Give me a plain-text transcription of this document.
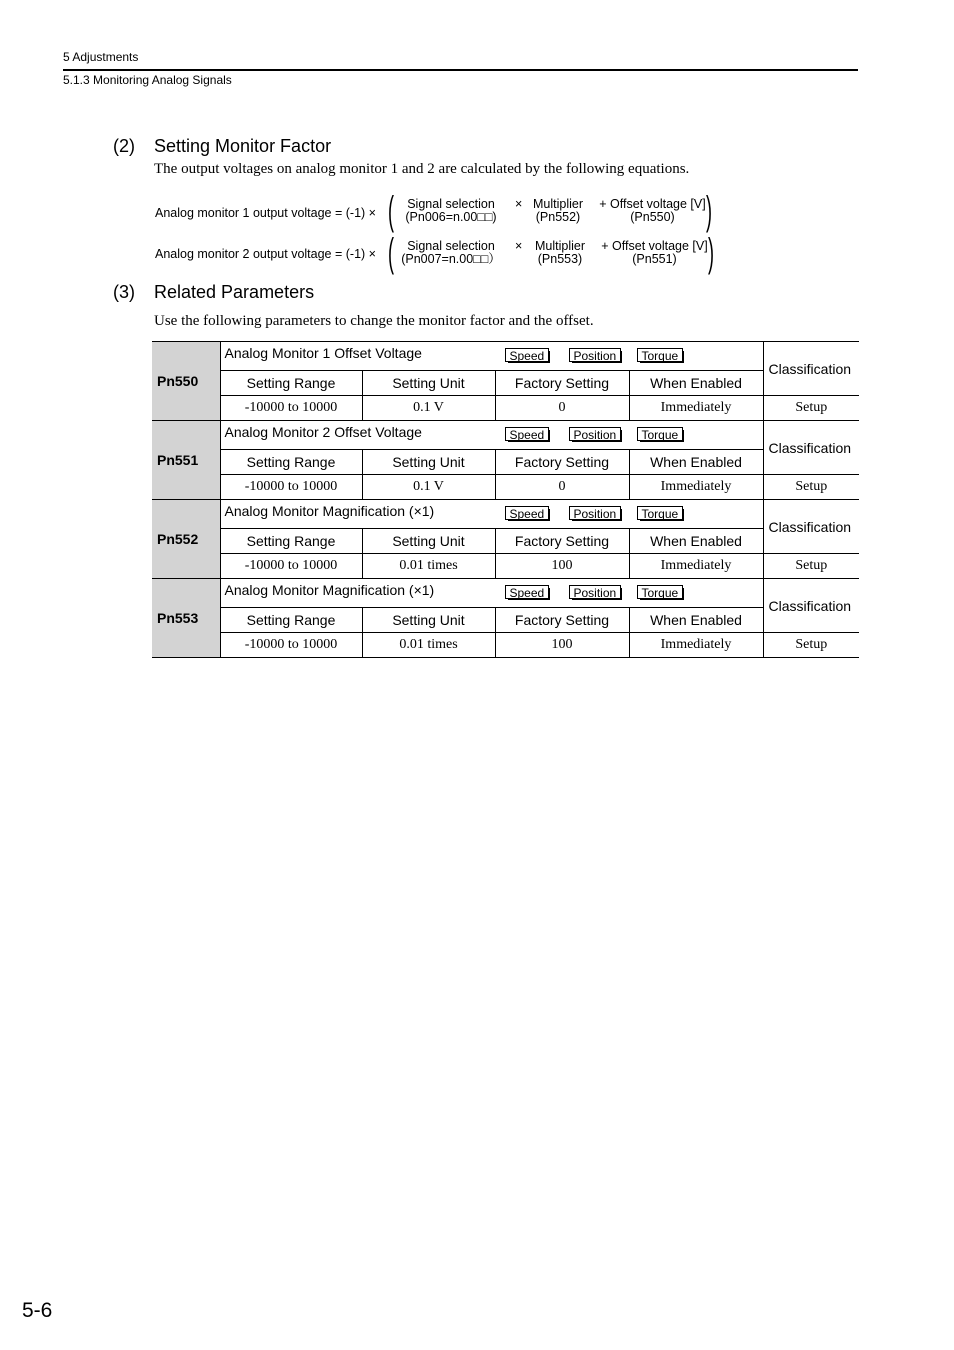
5 Adjustments
5.1.3 Monitoring Analog Signals
(2) Setting Monitor Factor
The output voltages on analog monitor 1 and 2 are calculated by the following equations.
Analog monitor 1 output voltage = (-1) × (	Signal selection
(Pn006=n.00□□)
× Multiplier
(Pn552)
+ Offset voltage [V]
(Pn550) )
Analog monitor 2 output voltage = (-1) × (	Signal selection
(Pn007=n.00□□）
×	Multiplier
(Pn553)
+ Offset voltage [V]
(Pn551) )
(3) Related Parameters
Use the following parameters to change the monitor factor and the offset.
Pn550	Analog Monitor 1 Offset Voltage Speed Position Torque				Classification
	Setting Range	Setting Unit	Factory Setting	When Enabled	
	-10000 to 10000	0.1 V	0	Immediately	Setup
Pn551	Analog Monitor 2 Offset Voltage Speed Position Torque				Classification
	Setting Range	Setting Unit	Factory Setting	When Enabled	
	-10000 to 10000	0.1 V	0	Immediately	Setup
Pn552	Analog Monitor Magnification (×1) Speed Position Torque				Classification
	Setting Range	Setting Unit	Factory Setting	When Enabled	
	-10000 to 10000	0.01 times	100	Immediately	Setup
Pn553	Analog Monitor Magnification (×1) Speed Position Torque				Classification
	Setting Range	Setting Unit	Factory Setting	When Enabled	
	-10000 to 10000	0.01 times	100	Immediately	Setup
5-6
